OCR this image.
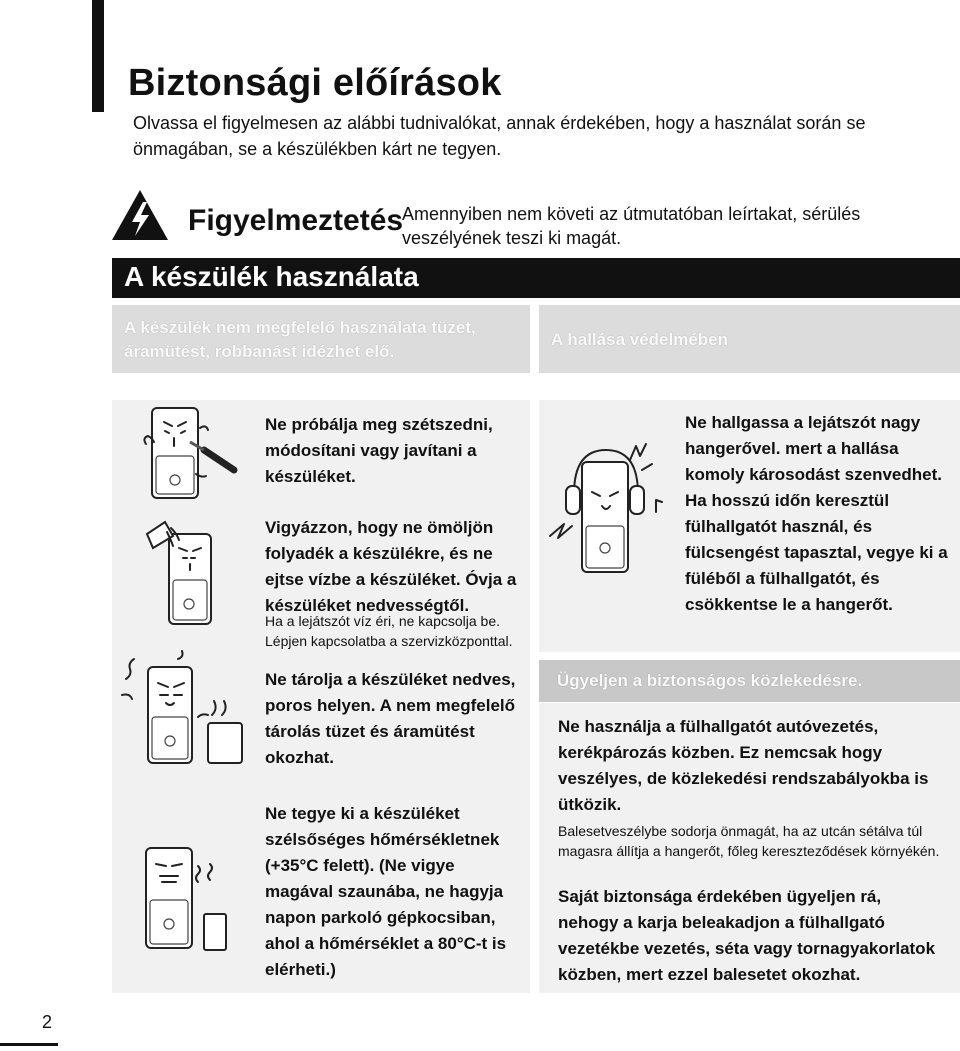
Biztonsági előírások

Olvassa el figyelmesen az alábbi tudnivalókat, annak érdekében, hogy a használat során se önmagában, se a készülékben kárt ne tegyen.

Figyelmeztetés
Amennyiben nem követi az útmutatóban leírtakat, sérülés veszélyének teszi ki magát.
A készülék használata
A készülék nem megfelelő használata tüzet, áramütést, robbanást idézhet elő.
A hallása védelmében
Ügyeljen a biztonságos közlekedésre.
Ne próbálja meg szétszedni, módosítani vagy javítani a készüléket.
Vigyázzon, hogy ne ömöljön folyadék a készülékre, és ne ejtse vízbe a készüléket. Óvja a készüléket nedvességtől.
Ha a lejátszót víz éri, ne kapcsolja be.
Lépjen kapcsolatba a szervizközponttal.
Ne tárolja a készüléket nedves, poros helyen. A nem megfelelő tárolás tüzet és áramütést okozhat.
Ne tegye ki a készüléket szélsőséges hőmérsékletnek (+35°C felett). (Ne vigye magával szaunába, ne hagyja napon parkoló gépkocsiban, ahol a hőmérséklet a 80°C-t is elérheti.)
Ne hallgassa a lejátszót nagy hangerővel. mert a hallása komoly károsodást szenvedhet. Ha hosszú időn keresztül fülhallgatót használ, és fülcsengést tapasztal, vegye ki a füléből a fülhallgatót, és csökkentse le a hangerőt.
Ne használja a fülhallgatót autóvezetés, kerékpározás közben. Ez nemcsak hogy veszélyes, de közlekedési rendszabályokba is ütközik.
Balesetveszélybe sodorja önmagát, ha az utcán sétálva túl magasra állítja a hangerőt, főleg kereszteződések környékén.
Saját biztonsága érdekében ügyeljen rá, nehogy a karja beleakadjon a fülhallgató vezetékbe vezetés, séta vagy tornagyakorlatok közben, mert ezzel balesetet okozhat.
2
